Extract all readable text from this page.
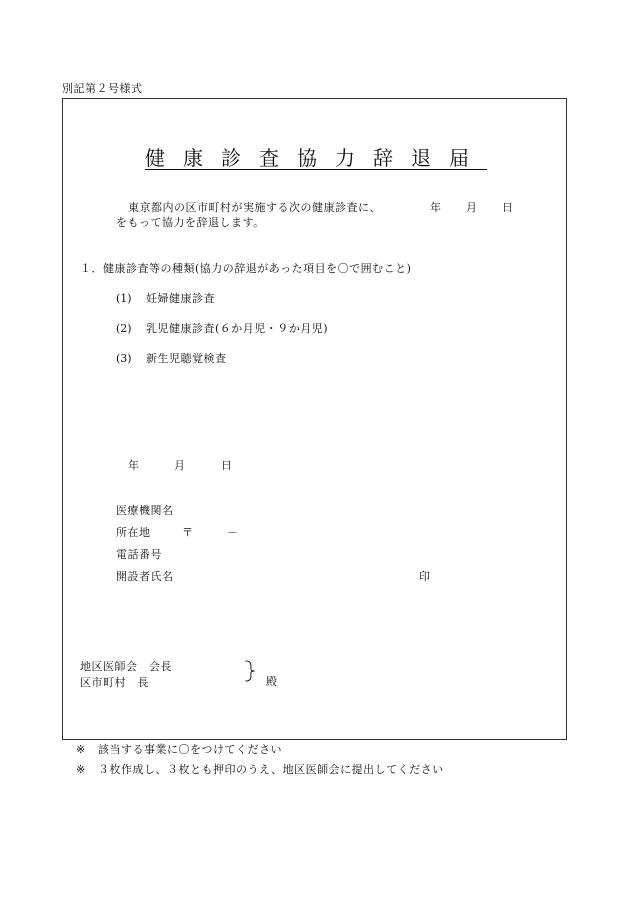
別記第２号様式
健康診査協力辞退届
東京都内の区市町村が実施する次の健康診査に、	年 月 日
をもって協力を辞退します。
１．健康診査等の種類(協力の辞退があった項目を〇で囲むこと)
(1) 妊婦健康診査
(2) 乳児健康診査(６か月児・９か月児)
(3) 新生児聴覚検査
年	月	日
医療機関名
所在地	〒	－
電話番号
開設者氏名	印
地区医師会　会長
区市町村　長	殿
※ 該当する事業に〇をつけてください
※ ３枚作成し、３枚とも押印のうえ、地区医師会に提出してください
